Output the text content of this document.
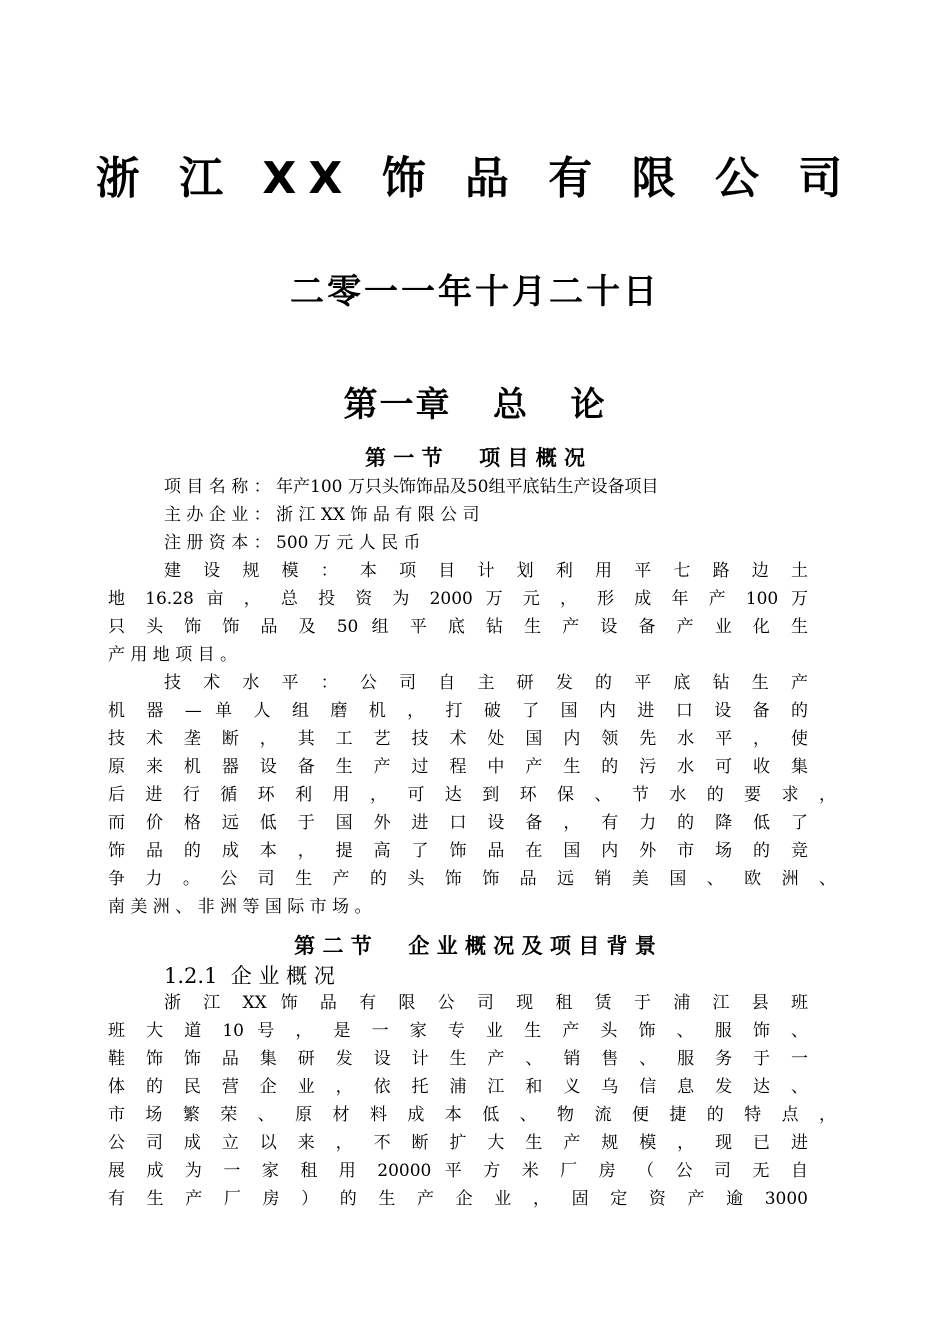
浙 江 XX 饰 品 有 限 公 司
二零一一年十月二十日
第一章   总   论
第 一 节     项 目 概 况
项 目 名 称 ： 年产100 万只头饰饰品及50组平底钻生产设备项目
主 办 企 业 ： 浙 江 XX 饰 品 有 限 公 司
注 册 资 本 ： 500 万 元 人 民 币
建 设 规 模 ： 本 项 目 计 划 利 用 平 七 路 边 土
地 16.28 亩 ， 总 投 资 为 2000 万 元 ， 形 成 年 产 100 万
只 头 饰 饰 品 及 50 组 平 底 钻 生 产 设 备 产 业 化 生
产 用 地 项 目 。
技 术 水 平 ： 公 司 自 主 研 发 的 平 底 钻 生 产
机 器 — 单 人 组 磨 机 ， 打 破 了 国 内 进 口 设 备 的
技 术 垄 断 ， 其 工 艺 技 术 处 国 内 领 先 水 平 ， 使
原 来 机 器 设 备 生 产 过 程 中 产 生 的 污 水 可 收 集
后 进 行 循 环 利 用 ， 可 达 到 环 保 、 节 水 的 要 求 ，
而 价 格 远 低 于 国 外 进 口 设 备 ， 有 力 的 降 低 了
饰 品 的 成 本 ， 提 高 了 饰 品 在 国 内 外 市 场 的 竞
争 力 。 公 司 生 产 的 头 饰 饰 品 远 销 美 国 、 欧 洲 、
南 美 洲 、 非 洲 等 国 际 市 场 。
第 二 节     企 业 概 况 及 项 目 背 景
1.2.1  企 业 概 况
浙 江 XX 饰 品 有 限 公 司 现 租 赁 于 浦 江 县 班
班 大 道 10 号 ， 是 一 家 专 业 生 产 头 饰 、 服 饰 、
鞋 饰 饰 品 集 研 发 设 计 生 产 、 销 售 、 服 务 于 一
体 的 民 营 企 业 ， 依 托 浦 江 和 义 乌 信 息 发 达 、
市 场 繁 荣 、 原 材 料 成 本 低 、 物 流 便 捷 的 特 点 ，
公 司 成 立 以 来 ， 不 断 扩 大 生 产 规 模 ， 现 已 进
展 成 为 一 家 租 用 20000 平 方 米 厂 房 （ 公 司 无 自
有 生 产 厂 房 ） 的 生 产 企 业 ， 固 定 资 产 逾 3000
